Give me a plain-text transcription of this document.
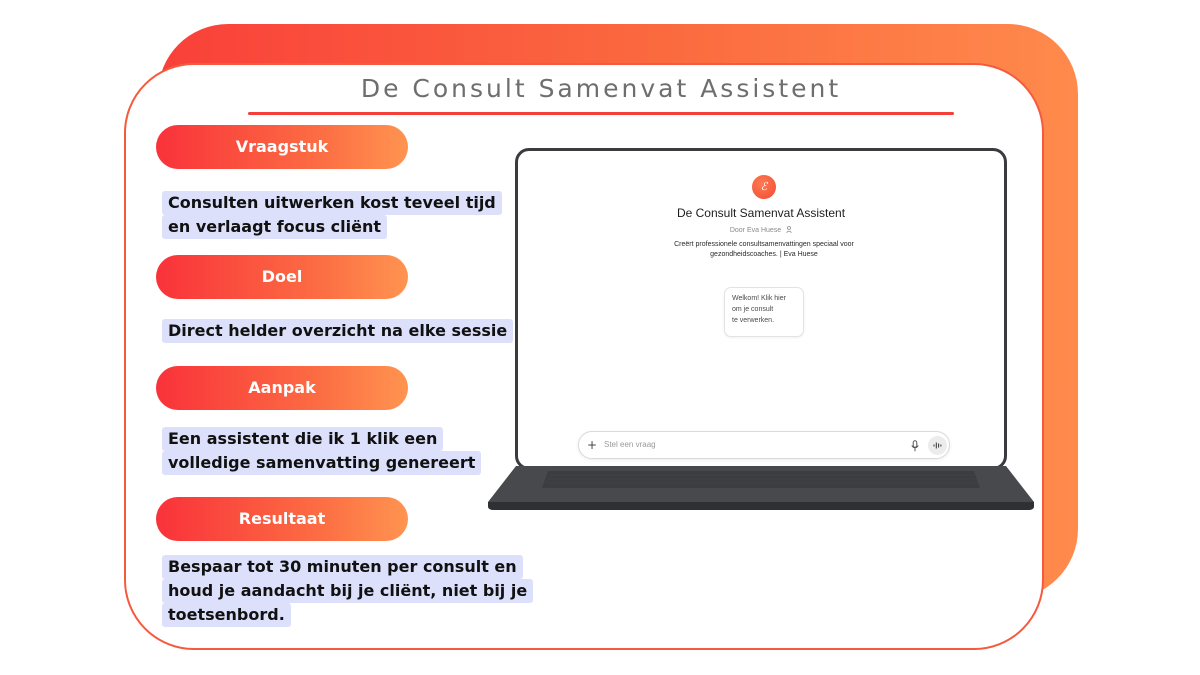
De Consult Samenvat Assistent
Vraagstuk
Consulten uitwerken kost teveel tijd
en verlaagt focus cliënt
Doel
Direct helder overzicht na elke sessie
Aanpak
Een assistent die ik 1 klik een
volledige samenvatting genereert
Resultaat
Bespaar tot 30 minuten per consult en
houd je aandacht bij je cliënt, niet bij je
toetsenbord.
ℰ
De Consult Samenvat Assistent
Door Eva Huese
Creërt professionele consultsamenvattingen speciaal voor
gezondheidscoaches. | Eva Huese
Welkom! Klik hier
om je consult
te verwerken.
+ Stel een vraag
